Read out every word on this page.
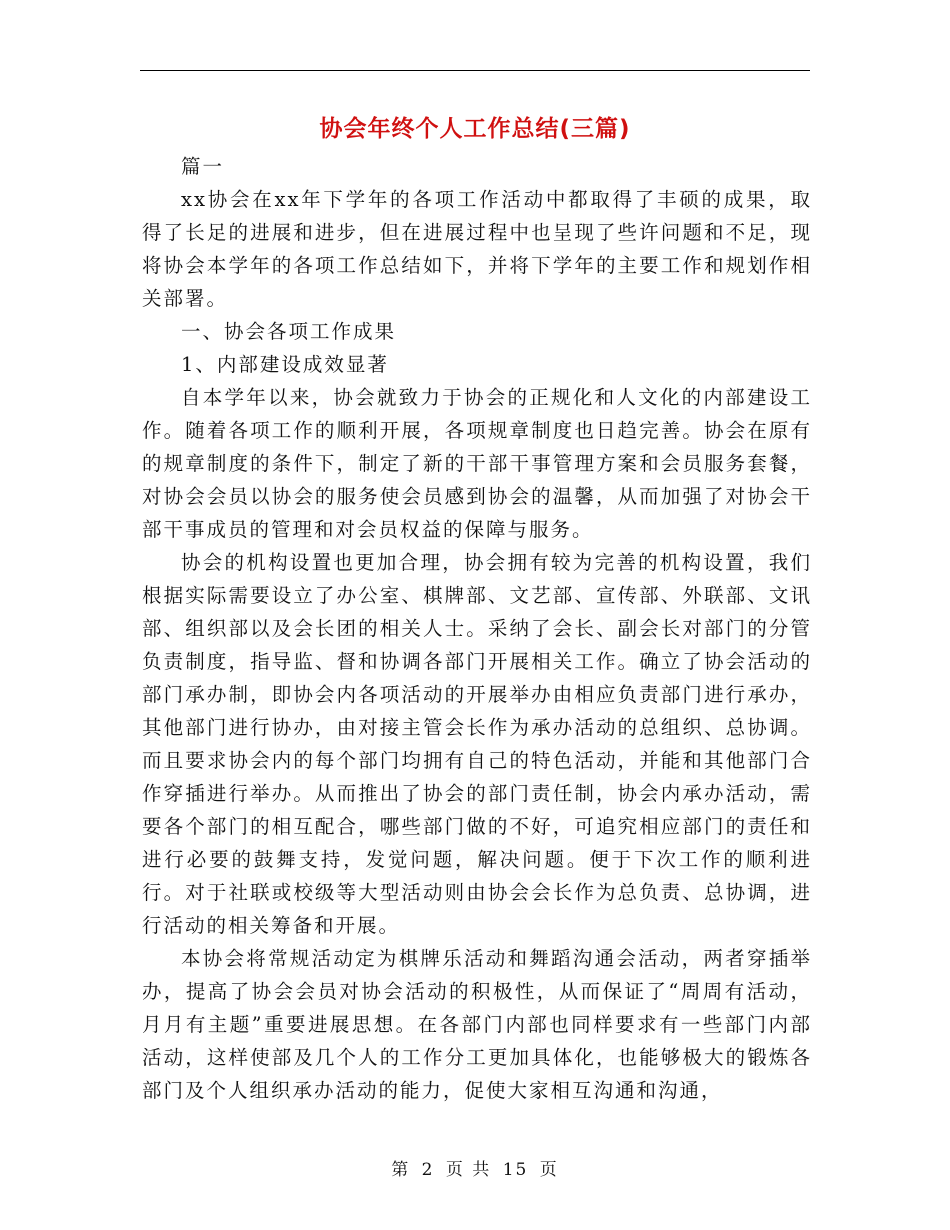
协会年终个人工作总结(三篇)

篇一

xx协会在xx年下学年的各项工作活动中都取得了丰硕的成果，取得了长足的进展和进步，但在进展过程中也呈现了些许问题和不足，现将协会本学年的各项工作总结如下，并将下学年的主要工作和规划作相关部署。

一、协会各项工作成果

1、内部建设成效显著

自本学年以来，协会就致力于协会的正规化和人文化的内部建设工作。随着各项工作的顺利开展，各项规章制度也日趋完善。协会在原有的规章制度的条件下，制定了新的干部干事管理方案和会员服务套餐，对协会会员以协会的服务使会员感到协会的温馨，从而加强了对协会干部干事成员的管理和对会员权益的保障与服务。

协会的机构设置也更加合理，协会拥有较为完善的机构设置，我们根据实际需要设立了办公室、棋牌部、文艺部、宣传部、外联部、文讯部、组织部以及会长团的相关人士。采纳了会长、副会长对部门的分管负责制度，指导监、督和协调各部门开展相关工作。确立了协会活动的部门承办制，即协会内各项活动的开展举办由相应负责部门进行承办，其他部门进行协办，由对接主管会长作为承办活动的总组织、总协调。而且要求协会内的每个部门均拥有自己的特色活动，并能和其他部门合作穿插进行举办。从而推出了协会的部门责任制，协会内承办活动，需要各个部门的相互配合，哪些部门做的不好，可追究相应部门的责任和进行必要的鼓舞支持，发觉问题，解决问题。便于下次工作的顺利进行。对于社联或校级等大型活动则由协会会长作为总负责、总协调，进行活动的相关筹备和开展。

本协会将常规活动定为棋牌乐活动和舞蹈沟通会活动，两者穿插举办，提高了协会会员对协会活动的积极性，从而保证了“周周有活动，月月有主题”重要进展思想。在各部门内部也同样要求有一些部门内部活动，这样使部及几个人的工作分工更加具体化，也能够极大的锻炼各部门及个人组织承办活动的能力，促使大家相互沟通和沟通，

第 2 页 共 15 页
